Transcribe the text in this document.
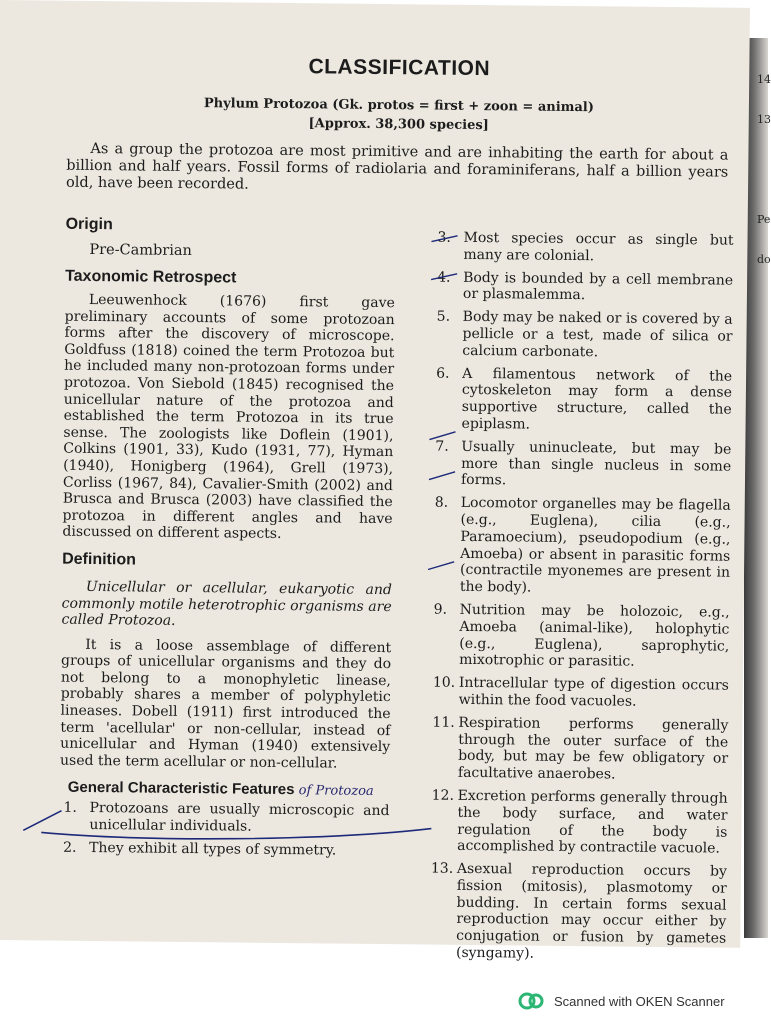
14
13
Pe
do
CLASSIFICATION
Phylum Protozoa (Gk. protos = first + zoon = animal)
[Approx. 38,300 species]
As a group the protozoa are most primitive and are inhabiting the earth for about a billion and half years. Fossil forms of radiolaria and foraminiferans, half a billion years old, have been recorded.
Origin
Pre-Cambrian
Taxonomic Retrospect

Leeuwenhock (1676) first gave preliminary accounts of some protozoan forms after the discovery of microscope. Goldfuss (1818) coined the term Protozoa but he included many non-protozoan forms under protozoa. Von Siebold (1845) recognised the unicellular nature of the protozoa and established the term Protozoa in its true sense. The zoologists like Doflein (1901), Colkins (1901, 33), Kudo (1931, 77), Hyman (1940), Honigberg (1964), Grell (1973), Corliss (1967, 84), Cavalier-Smith (2002) and Brusca and Brusca (2003) have classified the protozoa in different angles and have discussed on different aspects.

Definition

Unicellular or acellular, eukaryotic and commonly motile heterotrophic organisms are called Protozoa.

It is a loose assemblage of different groups of unicellular organisms and they do not belong to a monophyletic linease, probably shares a member of polyphyletic lineases. Dobell (1911) first introduced the term 'acellular' or non-cellular, instead of unicellular and Hyman (1940) extensively used the term acellular or non-cellular.

General Characteristic Features of Protozoa
1. Protozoans are usually microscopic and unicellular individuals.
2. They exhibit all types of symmetry.
3. Most species occur as single but many are colonial.
4. Body is bounded by a cell membrane or plasmalemma.
5. Body may be naked or is covered by a pellicle or a test, made of silica or calcium carbonate.
6. A filamentous network of the cytoskeleton may form a dense supportive structure, called the epiplasm.
7. Usually uninucleate, but may be more than single nucleus in some forms.
8. Locomotor organelles may be flagella (e.g., Euglena), cilia (e.g., Paramoecium), pseudopodium (e.g., Amoeba) or absent in parasitic forms (contractile myonemes are present in the body).
9. Nutrition may be holozoic, e.g., Amoeba (animal-like), holophytic (e.g., Euglena), saprophytic, mixotrophic or parasitic.
10. Intracellular type of digestion occurs within the food vacuoles.
11. Respiration performs generally through the outer surface of the body, but may be few obligatory or facultative anaerobes.
12. Excretion performs generally through the body surface, and water regulation of the body is accomplished by contractile vacuole.
13. Asexual reproduction occurs by fission (mitosis), plasmotomy or budding. In certain forms sexual reproduction may occur either by conjugation or fusion by gametes (syngamy).
Scanned with OKEN Scanner
